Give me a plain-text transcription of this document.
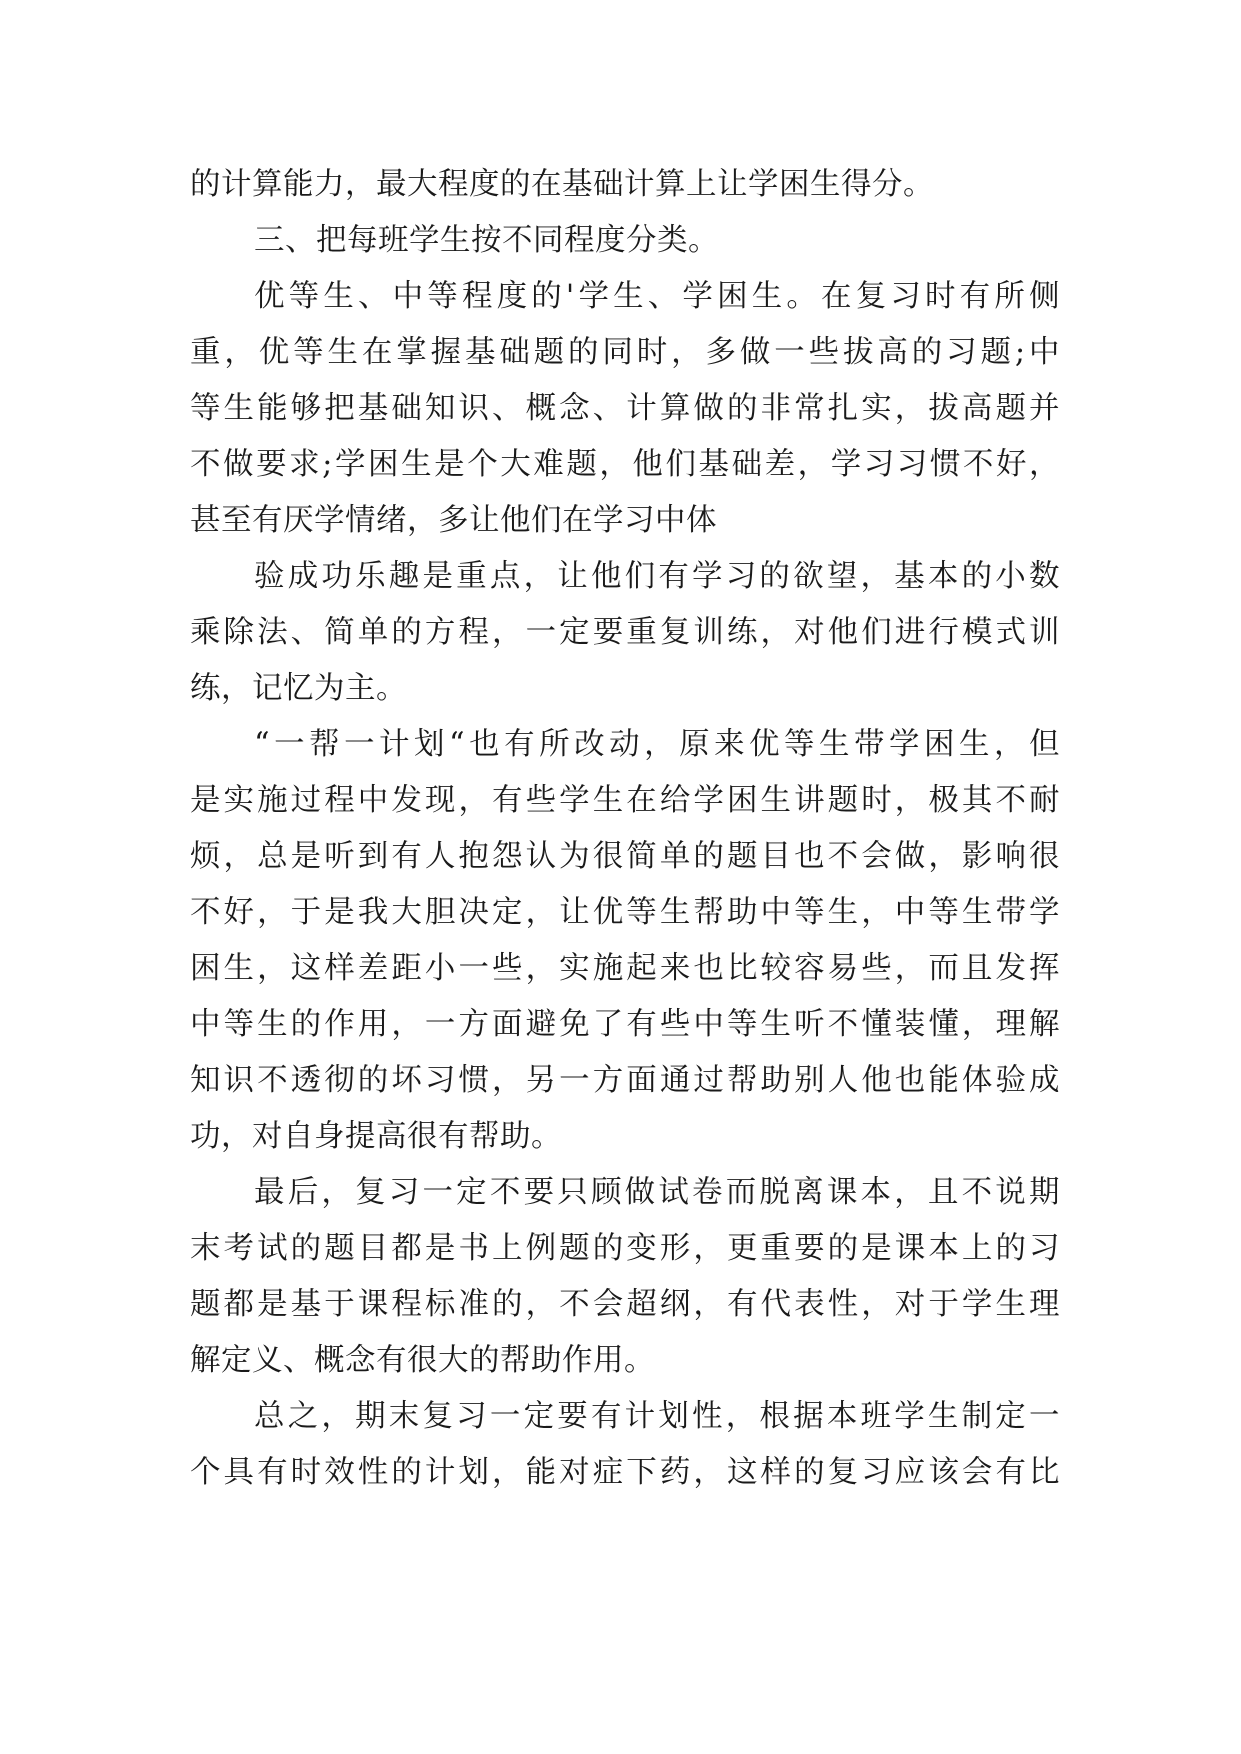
的计算能力，最大程度的在基础计算上让学困生得分。
三、把每班学生按不同程度分类。
优等生、中等程度的'学生、学困生。在复习时有所侧
重，优等生在掌握基础题的同时，多做一些拔高的习题;中
等生能够把基础知识、概念、计算做的非常扎实，拔高题并
不做要求;学困生是个大难题，他们基础差，学习习惯不好，
甚至有厌学情绪，多让他们在学习中体
验成功乐趣是重点，让他们有学习的欲望，基本的小数
乘除法、简单的方程，一定要重复训练，对他们进行模式训
练，记忆为主。
“一帮一计划“也有所改动，原来优等生带学困生，但
是实施过程中发现，有些学生在给学困生讲题时，极其不耐
烦，总是听到有人抱怨认为很简单的题目也不会做，影响很
不好，于是我大胆决定，让优等生帮助中等生，中等生带学
困生，这样差距小一些，实施起来也比较容易些，而且发挥
中等生的作用，一方面避免了有些中等生听不懂装懂，理解
知识不透彻的坏习惯，另一方面通过帮助别人他也能体验成
功，对自身提高很有帮助。
最后，复习一定不要只顾做试卷而脱离课本，且不说期
末考试的题目都是书上例题的变形，更重要的是课本上的习
题都是基于课程标准的，不会超纲，有代表性，对于学生理
解定义、概念有很大的帮助作用。
总之，期末复习一定要有计划性，根据本班学生制定一
个具有时效性的计划，能对症下药，这样的复习应该会有比
